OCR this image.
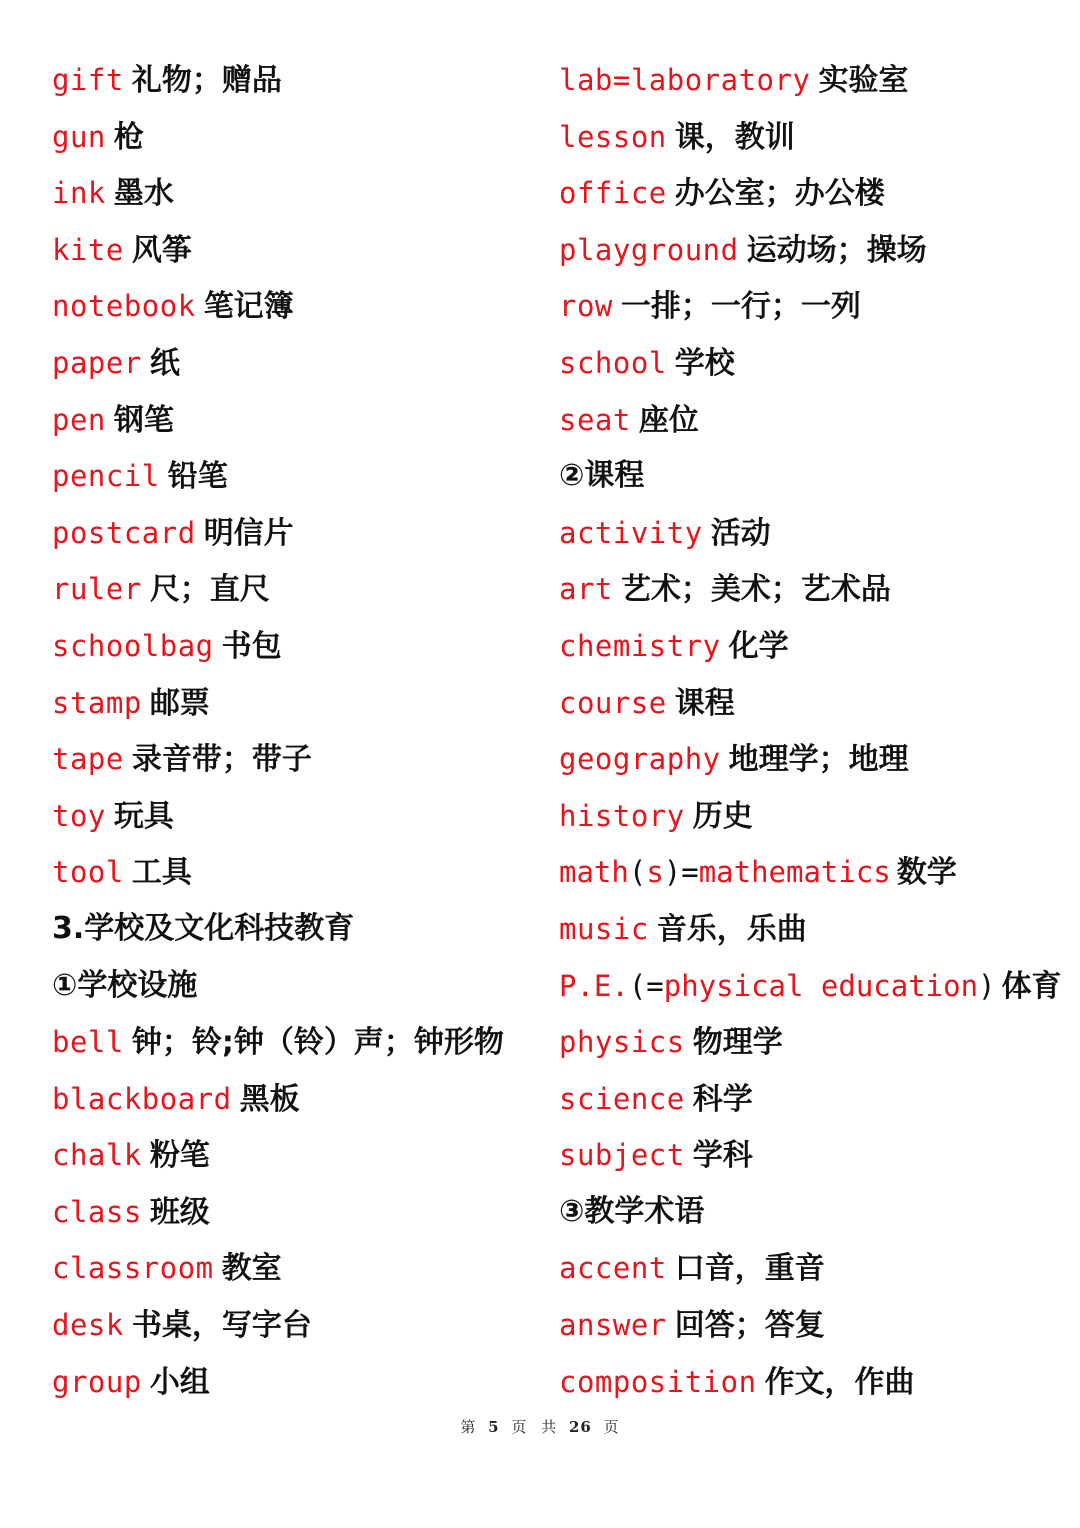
gift 礼物；赠品
gun 枪
ink 墨水
kite 风筝
notebook 笔记簿
paper 纸
pen 钢笔
pencil 铅笔
postcard 明信片
ruler 尺；直尺
schoolbag 书包
stamp 邮票
tape 录音带；带子
toy 玩具
tool 工具
3.学校及文化科技教育
①学校设施
bell 钟；铃;钟（铃）声；钟形物
blackboard 黑板
chalk 粉笔
class 班级
classroom 教室
desk 书桌，写字台
group 小组
lab=laboratory 实验室
lesson 课，教训
office 办公室；办公楼
playground 运动场；操场
row 一排；一行；一列
school 学校
seat 座位
②课程
activity 活动
art 艺术；美术；艺术品
chemistry 化学
course 课程
geography 地理学；地理
history 历史
math(s)=mathematics 数学
music 音乐，乐曲
P.E.(=physical education) 体育
physics 物理学
science 科学
subject 学科
③教学术语
accent 口音，重音
answer 回答；答复
composition 作文，作曲
第 5 页 共 26 页
